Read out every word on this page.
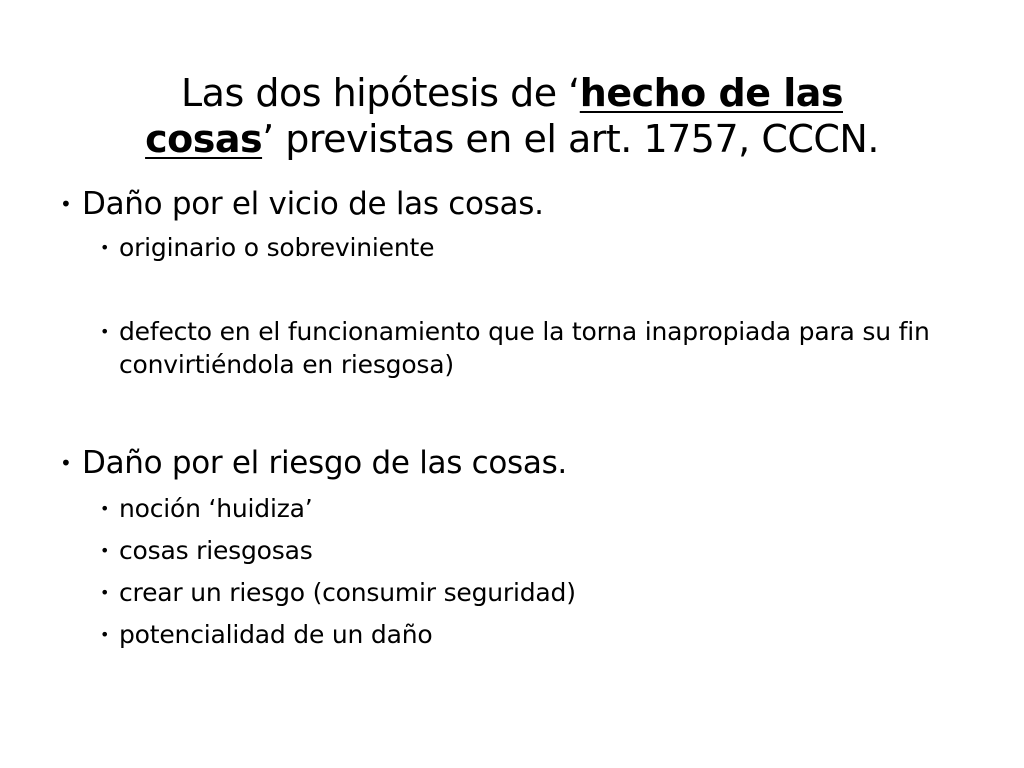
Las dos hipótesis de ‘hecho de las
cosas’ previstas en el art. 1757, CCCN.

• Daño por el vicio de las cosas.

• originario o sobreviniente

• defecto en el funcionamiento que la torna inapropiada para su fin convirtiéndola en riesgosa)

• Daño por el riesgo de las cosas.

• noción ‘huidiza’

• cosas riesgosas

• crear un riesgo (consumir seguridad)

• potencialidad de un daño
